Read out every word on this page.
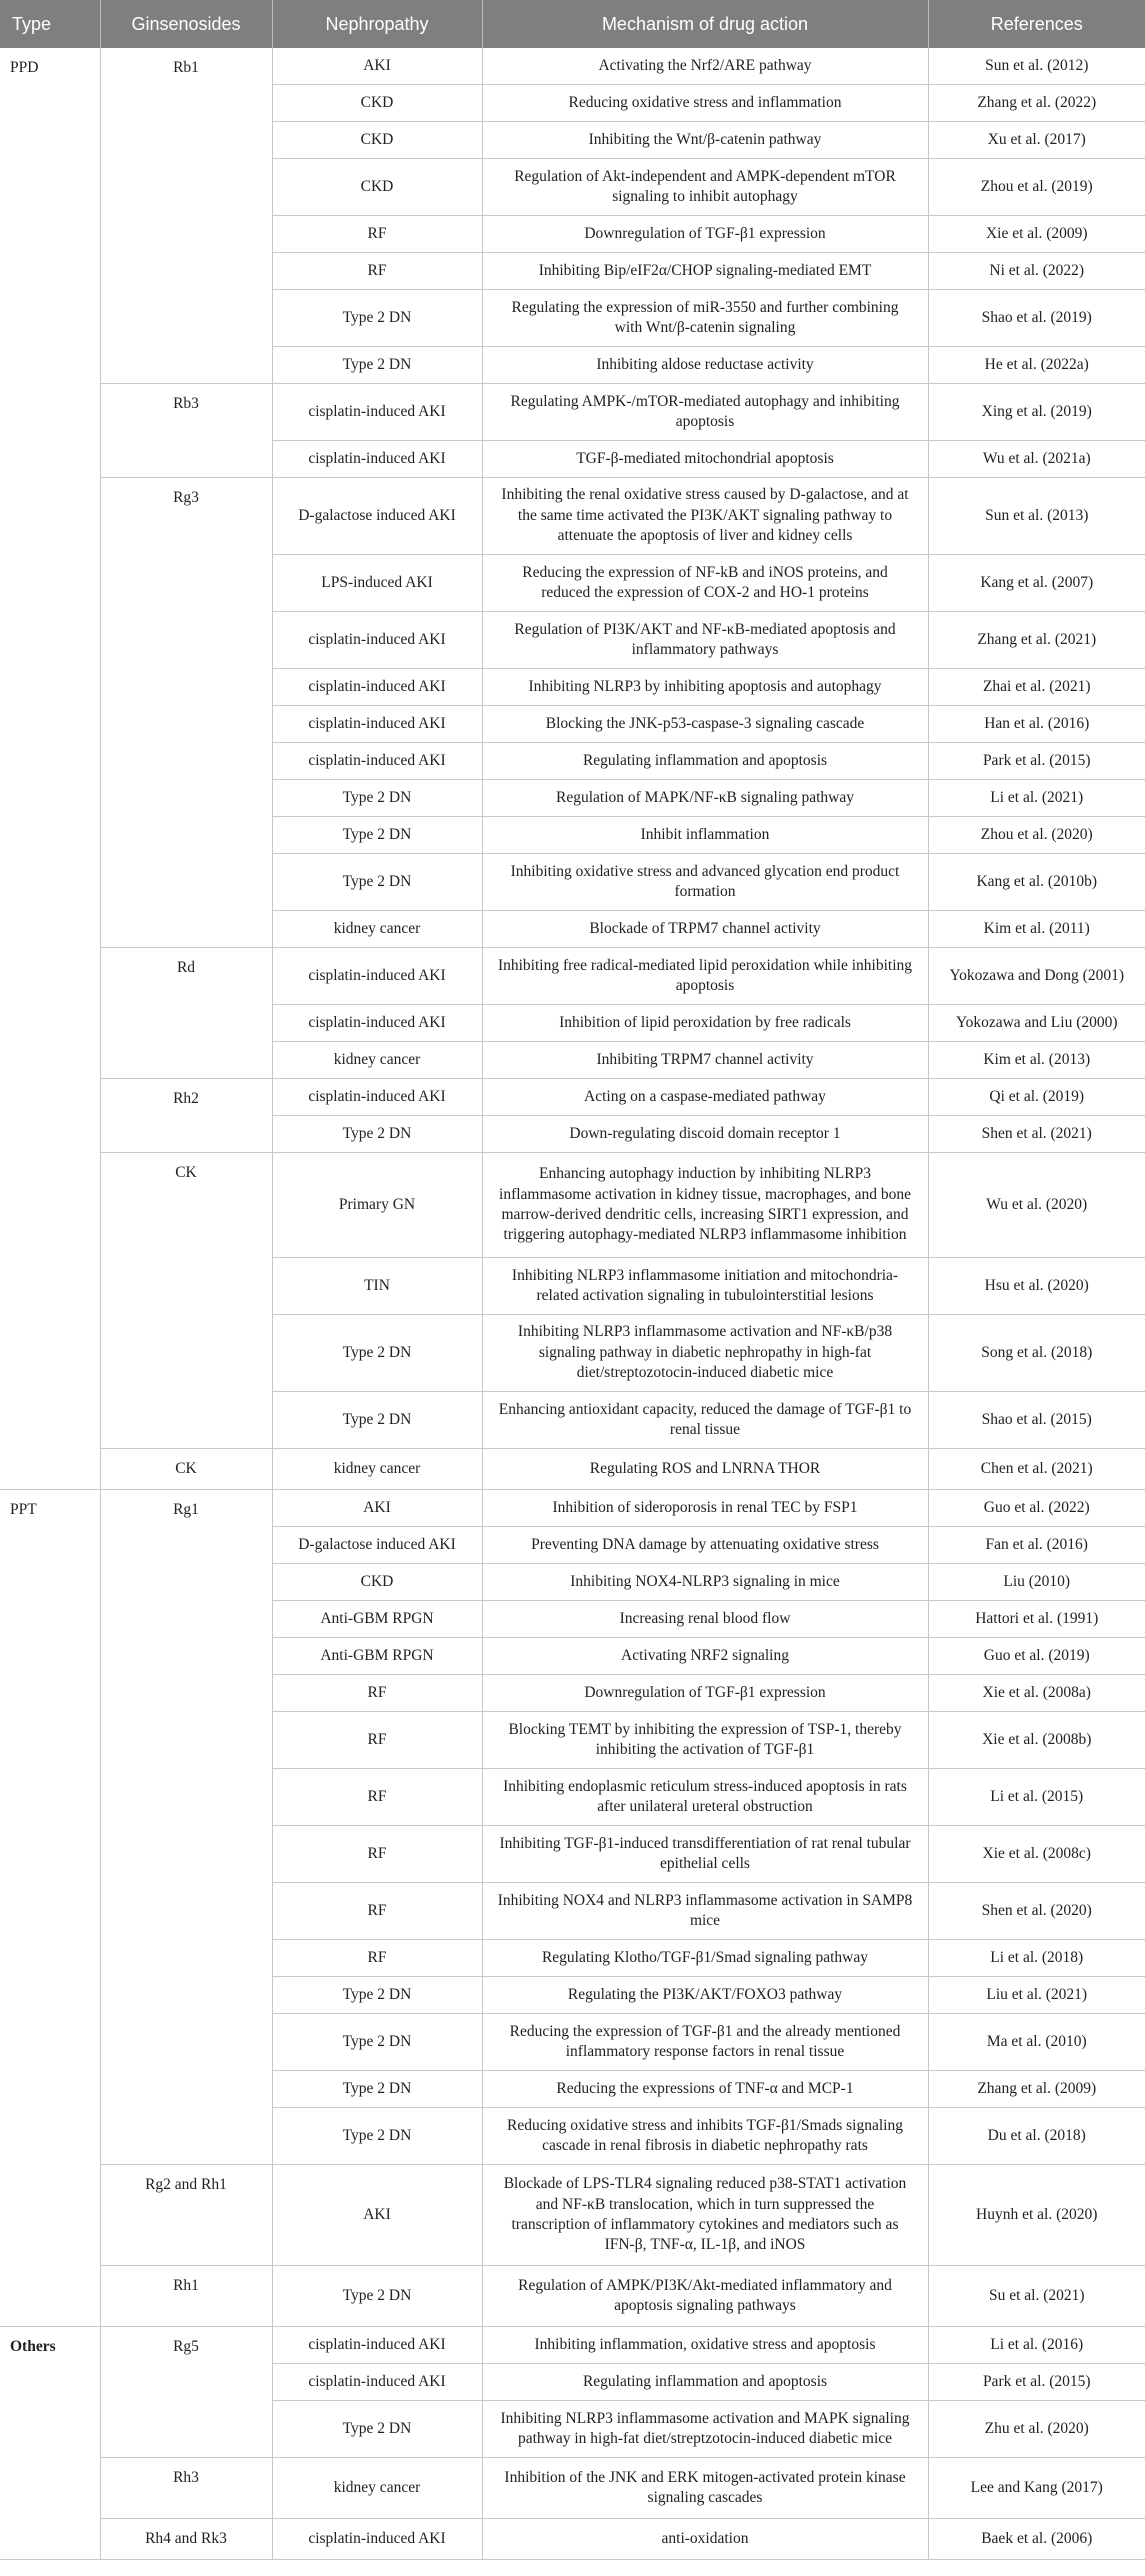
Type	Ginsenosides	Nephropathy	Mechanism of drug action	References
PPD	Rb1	AKI	Activating the Nrf2/ARE pathway	Sun et al. (2012)
		CKD	Reducing oxidative stress and inflammation	Zhang et al. (2022)
		CKD	Inhibiting the Wnt/β-catenin pathway	Xu et al. (2017)
		CKD	Regulation of Akt-independent and AMPK-dependent mTOR signaling to inhibit autophagy	Zhou et al. (2019)
		RF	Downregulation of TGF-β1 expression	Xie et al. (2009)
		RF	Inhibiting Bip/eIF2α/CHOP signaling-mediated EMT	Ni et al. (2022)
		Type 2 DN	Regulating the expression of miR-3550 and further combining with Wnt/β-catenin signaling	Shao et al. (2019)
		Type 2 DN	Inhibiting aldose reductase activity	He et al. (2022a)
	Rb3	cisplatin-induced AKI	Regulating AMPK-/mTOR-mediated autophagy and inhibiting apoptosis	Xing et al. (2019)
		cisplatin-induced AKI	TGF-β-mediated mitochondrial apoptosis	Wu et al. (2021a)
	Rg3	D-galactose induced AKI	Inhibiting the renal oxidative stress caused by D-galactose, and at the same time activated the PI3K/AKT signaling pathway to attenuate the apoptosis of liver and kidney cells	Sun et al. (2013)
		LPS-induced AKI	Reducing the expression of NF-kB and iNOS proteins, and reduced the expression of COX-2 and HO-1 proteins	Kang et al. (2007)
		cisplatin-induced AKI	Regulation of PI3K/AKT and NF-κB-mediated apoptosis and inflammatory pathways	Zhang et al. (2021)
		cisplatin-induced AKI	Inhibiting NLRP3 by inhibiting apoptosis and autophagy	Zhai et al. (2021)
		cisplatin-induced AKI	Blocking the JNK-p53-caspase-3 signaling cascade	Han et al. (2016)
		cisplatin-induced AKI	Regulating inflammation and apoptosis	Park et al. (2015)
		Type 2 DN	Regulation of MAPK/NF-κB signaling pathway	Li et al. (2021)
		Type 2 DN	Inhibit inflammation	Zhou et al. (2020)
		Type 2 DN	Inhibiting oxidative stress and advanced glycation end product formation	Kang et al. (2010b)
		kidney cancer	Blockade of TRPM7 channel activity	Kim et al. (2011)
	Rd	cisplatin-induced AKI	Inhibiting free radical-mediated lipid peroxidation while inhibiting apoptosis	Yokozawa and Dong (2001)
		cisplatin-induced AKI	Inhibition of lipid peroxidation by free radicals	Yokozawa and Liu (2000)
		kidney cancer	Inhibiting TRPM7 channel activity	Kim et al. (2013)
	Rh2	cisplatin-induced AKI	Acting on a caspase-mediated pathway	Qi et al. (2019)
		Type 2 DN	Down-regulating discoid domain receptor 1	Shen et al. (2021)
	CK	Primary GN	Enhancing autophagy induction by inhibiting NLRP3 inflammasome activation in kidney tissue, macrophages, and bone marrow-derived dendritic cells, increasing SIRT1 expression, and triggering autophagy-mediated NLRP3 inflammasome inhibition	Wu et al. (2020)
		TIN	Inhibiting NLRP3 inflammasome initiation and mitochondria-related activation signaling in tubulointerstitial lesions	Hsu et al. (2020)
		Type 2 DN	Inhibiting NLRP3 inflammasome activation and NF-κB/p38 signaling pathway in diabetic nephropathy in high-fat diet/streptozotocin-induced diabetic mice	Song et al. (2018)
		Type 2 DN	Enhancing antioxidant capacity, reduced the damage of TGF-β1 to renal tissue	Shao et al. (2015)
	CK	kidney cancer	Regulating ROS and LNRNA THOR	Chen et al. (2021)
PPT	Rg1	AKI	Inhibition of sideroporosis in renal TEC by FSP1	Guo et al. (2022)
		D-galactose induced AKI	Preventing DNA damage by attenuating oxidative stress	Fan et al. (2016)
		CKD	Inhibiting NOX4-NLRP3 signaling in mice	Liu (2010)
		Anti-GBM RPGN	Increasing renal blood flow	Hattori et al. (1991)
		Anti-GBM RPGN	Activating NRF2 signaling	Guo et al. (2019)
		RF	Downregulation of TGF-β1 expression	Xie et al. (2008a)
		RF	Blocking TEMT by inhibiting the expression of TSP-1, thereby inhibiting the activation of TGF-β1	Xie et al. (2008b)
		RF	Inhibiting endoplasmic reticulum stress-induced apoptosis in rats after unilateral ureteral obstruction	Li et al. (2015)
		RF	Inhibiting TGF-β1-induced transdifferentiation of rat renal tubular epithelial cells	Xie et al. (2008c)
		RF	Inhibiting NOX4 and NLRP3 inflammasome activation in SAMP8 mice	Shen et al. (2020)
		RF	Regulating Klotho/TGF-β1/Smad signaling pathway	Li et al. (2018)
		Type 2 DN	Regulating the PI3K/AKT/FOXO3 pathway	Liu et al. (2021)
		Type 2 DN	Reducing the expression of TGF-β1 and the already mentioned inflammatory response factors in renal tissue	Ma et al. (2010)
		Type 2 DN	Reducing the expressions of TNF-α and MCP-1	Zhang et al. (2009)
		Type 2 DN	Reducing oxidative stress and inhibits TGF-β1/Smads signaling cascade in renal fibrosis in diabetic nephropathy rats	Du et al. (2018)
	Rg2 and Rh1	AKI	Blockade of LPS-TLR4 signaling reduced p38-STAT1 activation and NF-κB translocation, which in turn suppressed the transcription of inflammatory cytokines and mediators such as IFN-β, TNF-α, IL-1β, and iNOS	Huynh et al. (2020)
	Rh1	Type 2 DN	Regulation of AMPK/PI3K/Akt-mediated inflammatory and apoptosis signaling pathways	Su et al. (2021)
Others	Rg5	cisplatin-induced AKI	Inhibiting inflammation, oxidative stress and apoptosis	Li et al. (2016)
		cisplatin-induced AKI	Regulating inflammation and apoptosis	Park et al. (2015)
		Type 2 DN	Inhibiting NLRP3 inflammasome activation and MAPK signaling pathway in high-fat diet/streptzotocin-induced diabetic mice	Zhu et al. (2020)
	Rh3	kidney cancer	Inhibition of the JNK and ERK mitogen-activated protein kinase signaling cascades	Lee and Kang (2017)
	Rh4 and Rk3	cisplatin-induced AKI	anti-oxidation	Baek et al. (2006)
